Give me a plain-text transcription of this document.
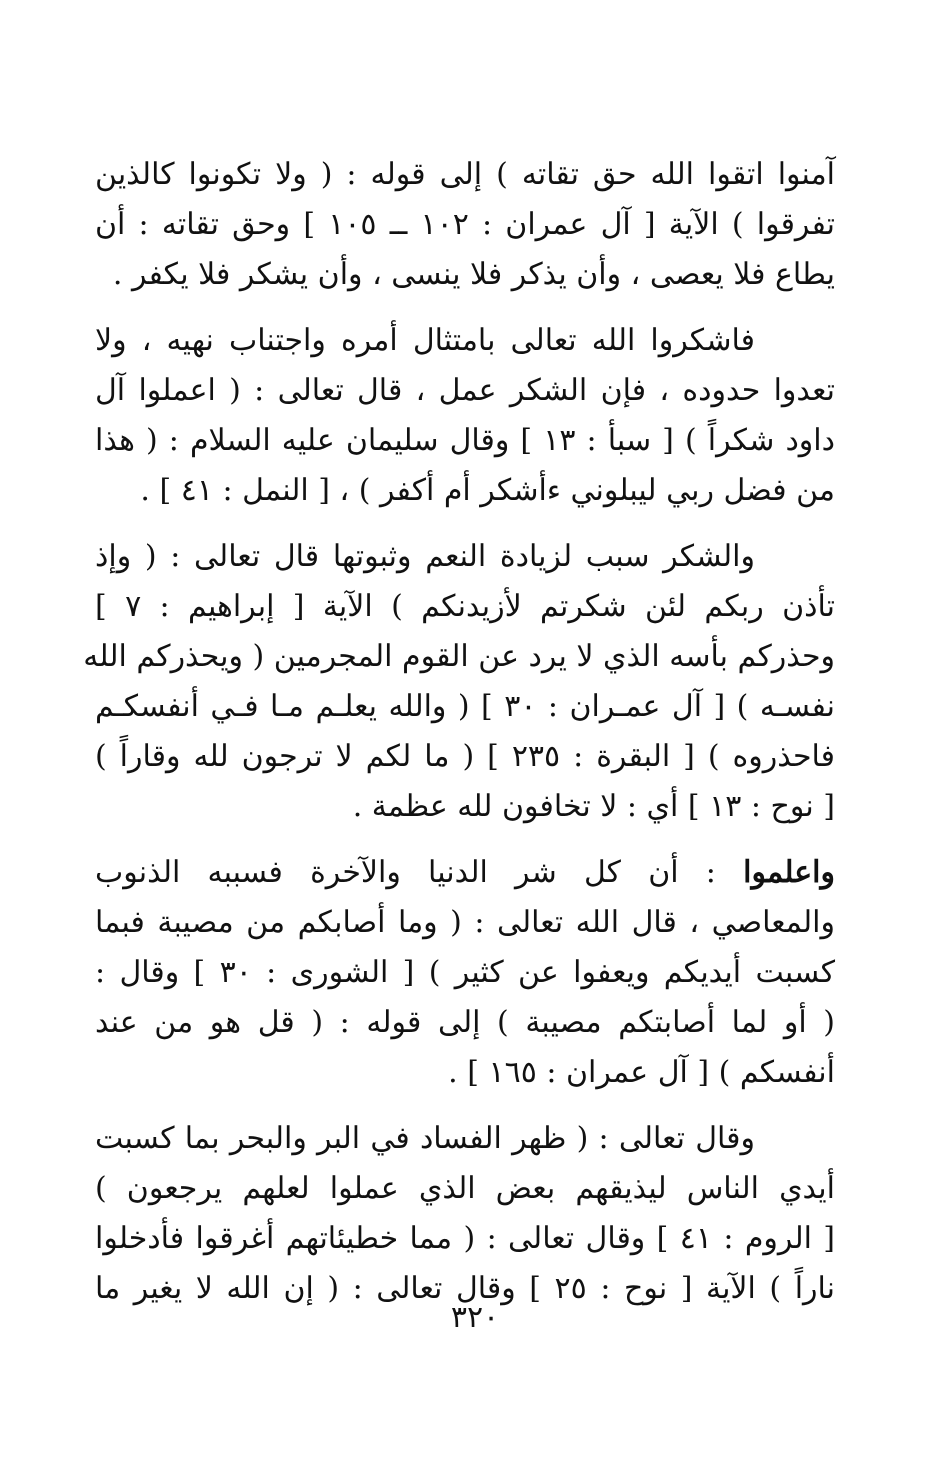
آمنوا اتقوا الله حق تقاته ) إلى قوله : ( ولا تكونوا كالذين
تفرقوا ) الآية [ آل عمران : ١٠٢ ــ ١٠٥ ] وحق تقاته : أن
يطاع فلا يعصى ، وأن يذكر فلا ينسى ، وأن يشكر فلا يكفر .
فاشكروا الله تعالى بامتثال أمره واجتناب نهيه ، ولا
تعدوا حدوده ، فإن الشكر عمل ، قال تعالى : ( اعملوا آل
داود شكراً ) [ سبأ : ١٣ ] وقال سليمان عليه السلام : ( هذا
من فضل ربي ليبلوني ءأشكر أم أكفر ) ، [ النمل : ٤١ ] .
والشكر سبب لزيادة النعم وثبوتها قال تعالى : ( وإذ
تأذن ربكم لئن شكرتم لأزيدنكم ) الآية [ إبراهيم : ٧ ]
وحذركم بأسه الذي لا يرد عن القوم المجرمين ( ويحذركم الله
نفسـه ) [ آل عمـران : ٣٠ ] ( والله يعلـم مـا فـي أنفسكـم
فاحذروه ) [ البقرة : ٢٣٥ ] ( ما لكم لا ترجون لله وقاراً )
[ نوح : ١٣ ] أي : لا تخافون لله عظمة .
واعلموا : أن كل شر الدنيا والآخرة فسببه الذنوب
والمعاصي ، قال الله تعالى : ( وما أصابكم من مصيبة فبما
كسبت أيديكم ويعفوا عن كثير ) [ الشورى : ٣٠ ] وقال :
( أو لما أصابتكم مصيبة ) إلى قوله : ( قل هو من عند
أنفسكم ) [ آل عمران : ١٦٥ ] .
وقال تعالى : ( ظهر الفساد في البر والبحر بما كسبت
أيدي الناس ليذيقهم بعض الذي عملوا لعلهم يرجعون )
[ الروم : ٤١ ] وقال تعالى : ( مما خطيئاتهم أغرقوا فأدخلوا
ناراً ) الآية [ نوح : ٢٥ ] وقال تعالى : ( إن الله لا يغير ما
٣٢٠
